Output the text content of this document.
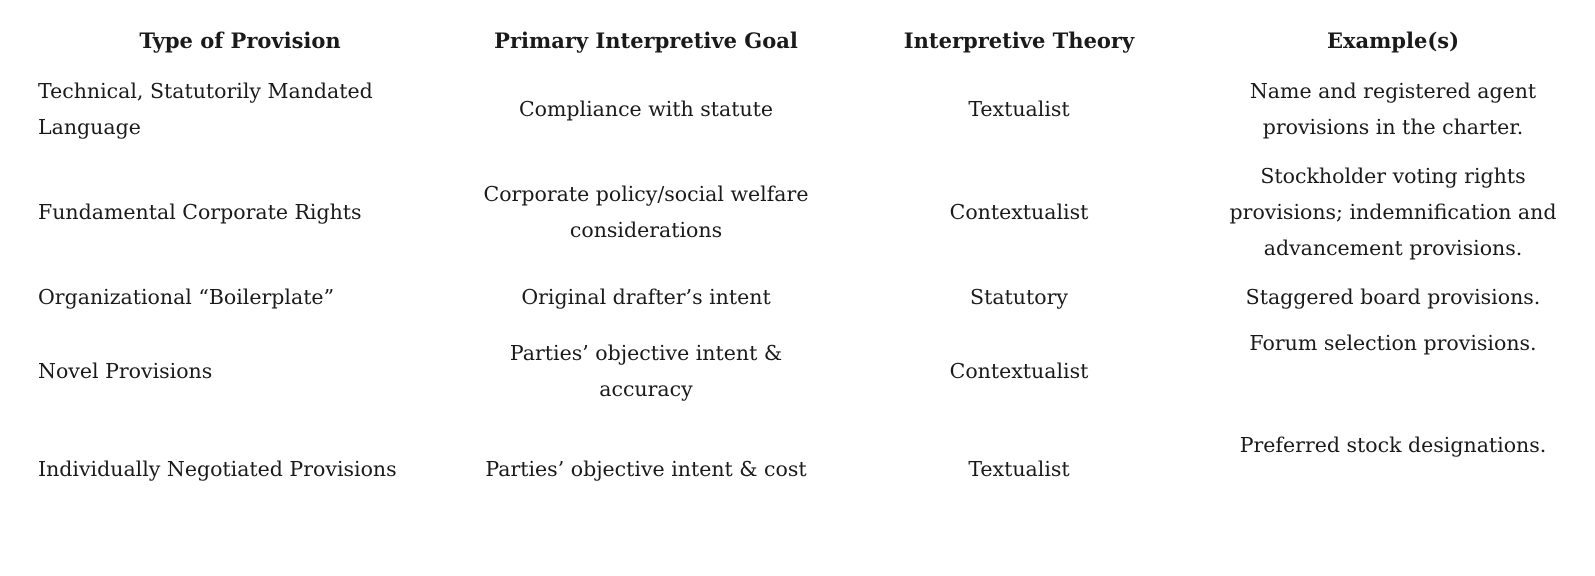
Type of Provision	Primary Interpretive Goal	Interpretive Theory	Example(s)
Technical, Statutorily Mandated Language	Compliance with statute	Textualist	Name and registered agent provisions in the charter.
Fundamental Corporate Rights	Corporate policy/social welfare considerations	Contextualist	Stockholder voting rights provisions; indemnification and advancement provisions.
Organizational “Boilerplate”	Original drafter’s intent	Statutory	Staggered board provisions.
Novel Provisions	Parties’ objective intent & accuracy	Contextualist	Forum selection provisions.
Individually Negotiated Provisions	Parties’ objective intent & cost	Textualist	Preferred stock designations.
